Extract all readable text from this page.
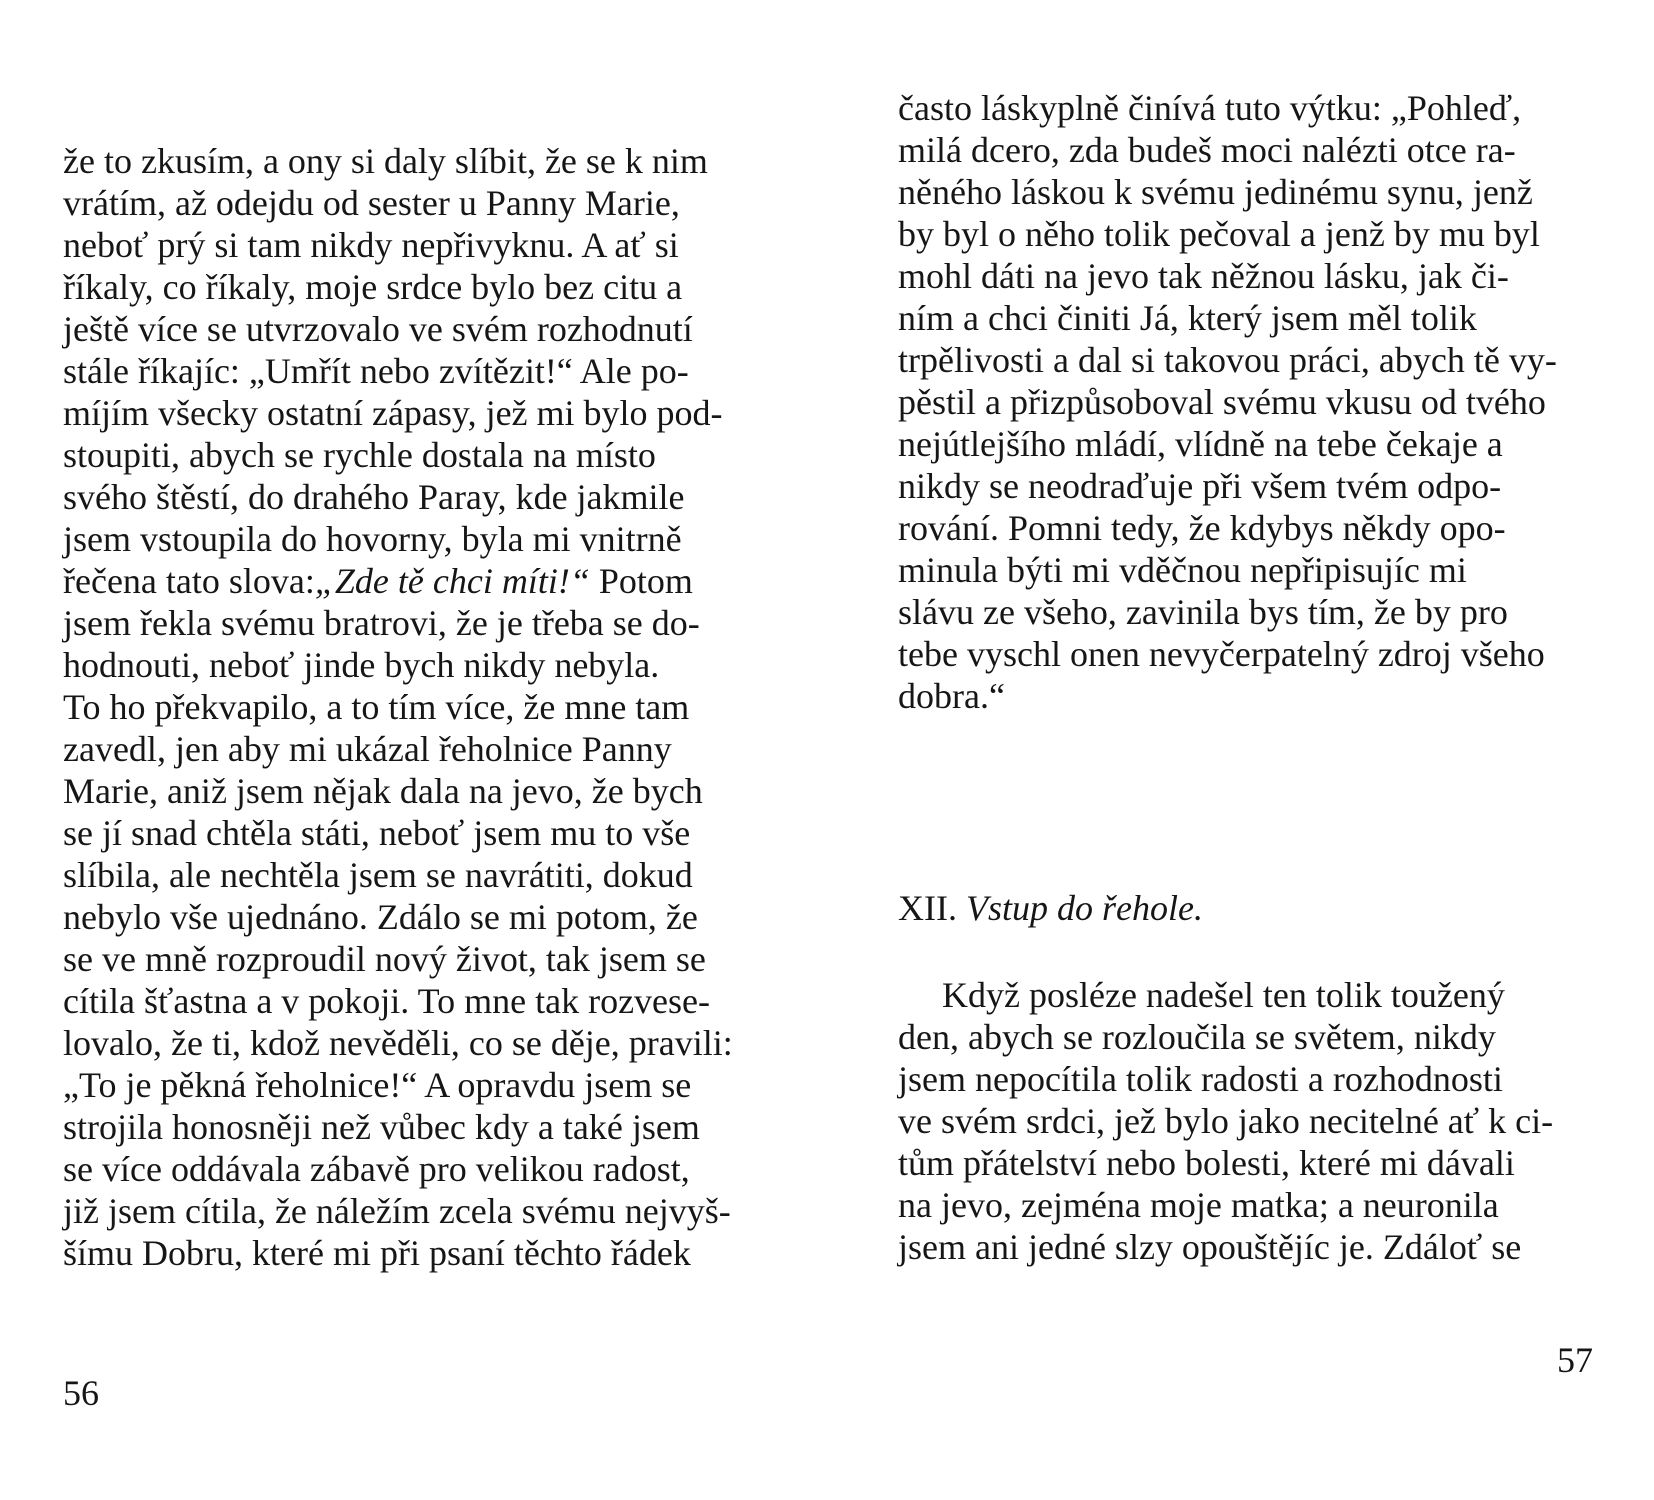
že to zkusím, a ony si daly slíbit, že se k nim
vrátím, až odejdu od sester u Panny Marie,
neboť prý si tam nikdy nepřivyknu. A ať si
říkaly, co říkaly, moje srdce bylo bez citu a
ještě více se utvrzovalo ve svém rozhodnutí
stále říkajíc: „Umřít nebo zvítězit!“ Ale po-
míjím všecky ostatní zápasy, jež mi bylo pod-
stoupiti, abych se rychle dostala na místo
svého štěstí, do drahého Paray, kde jakmile
jsem vstoupila do hovorny, byla mi vnitrně
řečena tato slova:„Zde tě chci míti!“ Potom
jsem řekla svému bratrovi, že je třeba se do-
hodnouti, neboť jinde bych nikdy nebyla.
To ho překvapilo, a to tím více, že mne tam
zavedl, jen aby mi ukázal řeholnice Panny
Marie, aniž jsem nějak dala na jevo, že bych
se jí snad chtěla státi, neboť jsem mu to vše
slíbila, ale nechtěla jsem se navrátiti, dokud
nebylo vše ujednáno. Zdálo se mi potom, že
se ve mně rozproudil nový život, tak jsem se
cítila šťastna a v pokoji. To mne tak rozvese-
lovalo, že ti, kdož nevěděli, co se děje, pravili:
„To je pěkná řeholnice!“ A opravdu jsem se
strojila honosněji než vůbec kdy a také jsem
se více oddávala zábavě pro velikou radost,
již jsem cítila, že náležím zcela svému nejvyš-
šímu Dobru, které mi při psaní těchto řádek
56
často láskyplně činívá tuto výtku: „Pohleď,
milá dcero, zda budeš moci nalézti otce ra-
něného láskou k svému jedinému synu, jenž
by byl o něho tolik pečoval a jenž by mu byl
mohl dáti na jevo tak něžnou lásku, jak či-
ním a chci činiti Já, který jsem měl tolik
trpělivosti a dal si takovou práci, abych tě vy-
pěstil a přizpůsoboval svému vkusu od tvého
nejútlejšího mládí, vlídně na tebe čekaje a
nikdy se neodraďuje při všem tvém odpo-
rování. Pomni tedy, že kdybys někdy opo-
minula býti mi vděčnou nepřipisujíc mi
slávu ze všeho, zavinila bys tím, že by pro
tebe vyschl onen nevyčerpatelný zdroj všeho
dobra.“
XII. Vstup do řehole.
Když posléze nadešel ten tolik toužený
den, abych se rozloučila se světem, nikdy
jsem nepocítila tolik radosti a rozhodnosti
ve svém srdci, jež bylo jako necitelné ať k ci-
tům přátelství nebo bolesti, které mi dávali
na jevo, zejména moje matka; a neuronila
jsem ani jedné slzy opouštějíc je. Zdáloť se
57
